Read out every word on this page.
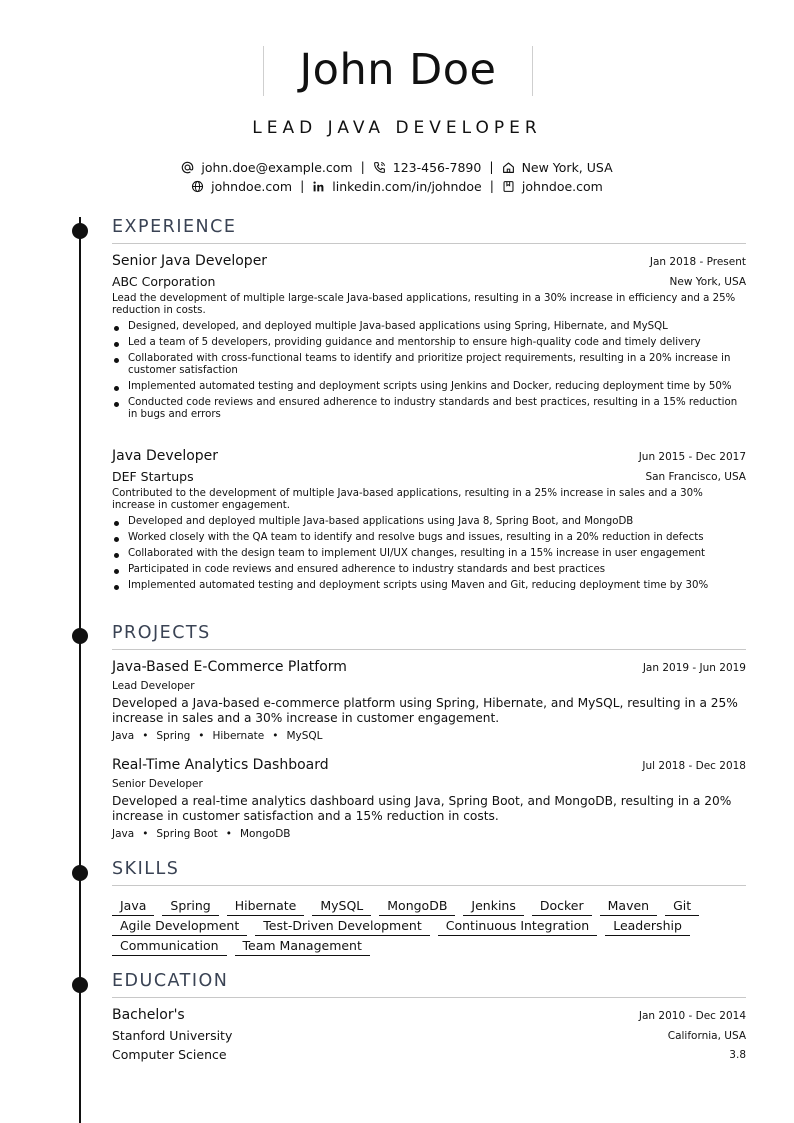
John Doe
LEAD JAVA DEVELOPER
john.doe@example.com | 123-456-7890 | New York, USA
johndoe.com | linkedin.com/in/johndoe | johndoe.com
EXPERIENCE
Senior Java Developer	Jan 2018 - Present
ABC Corporation	New York, USA
Lead the development of multiple large-scale Java-based applications, resulting in a 30% increase in efficiency and a 25% reduction in costs.
Designed, developed, and deployed multiple Java-based applications using Spring, Hibernate, and MySQL
Led a team of 5 developers, providing guidance and mentorship to ensure high-quality code and timely delivery
Collaborated with cross-functional teams to identify and prioritize project requirements, resulting in a 20% increase in customer satisfaction
Implemented automated testing and deployment scripts using Jenkins and Docker, reducing deployment time by 50%
Conducted code reviews and ensured adherence to industry standards and best practices, resulting in a 15% reduction in bugs and errors
Java Developer	Jun 2015 - Dec 2017
DEF Startups	San Francisco, USA
Contributed to the development of multiple Java-based applications, resulting in a 25% increase in sales and a 30% increase in customer engagement.
Developed and deployed multiple Java-based applications using Java 8, Spring Boot, and MongoDB
Worked closely with the QA team to identify and resolve bugs and issues, resulting in a 20% reduction in defects
Collaborated with the design team to implement UI/UX changes, resulting in a 15% increase in user engagement
Participated in code reviews and ensured adherence to industry standards and best practices
Implemented automated testing and deployment scripts using Maven and Git, reducing deployment time by 30%
PROJECTS
Java-Based E-Commerce Platform	Jan 2019 - Jun 2019
Lead Developer
Developed a Java-based e-commerce platform using Spring, Hibernate, and MySQL, resulting in a 25% increase in sales and a 30% increase in customer engagement.
Java • Spring • Hibernate • MySQL
Real-Time Analytics Dashboard	Jul 2018 - Dec 2018
Senior Developer
Developed a real-time analytics dashboard using Java, Spring Boot, and MongoDB, resulting in a 20% increase in customer satisfaction and a 15% reduction in costs.
Java • Spring Boot • MongoDB
SKILLS
Java Spring Hibernate MySQL MongoDB Jenkins Docker Maven Git
Agile Development Test-Driven Development Continuous Integration Leadership
Communication Team Management
EDUCATION
Bachelor's	Jan 2010 - Dec 2014
Stanford University	California, USA
Computer Science	3.8
